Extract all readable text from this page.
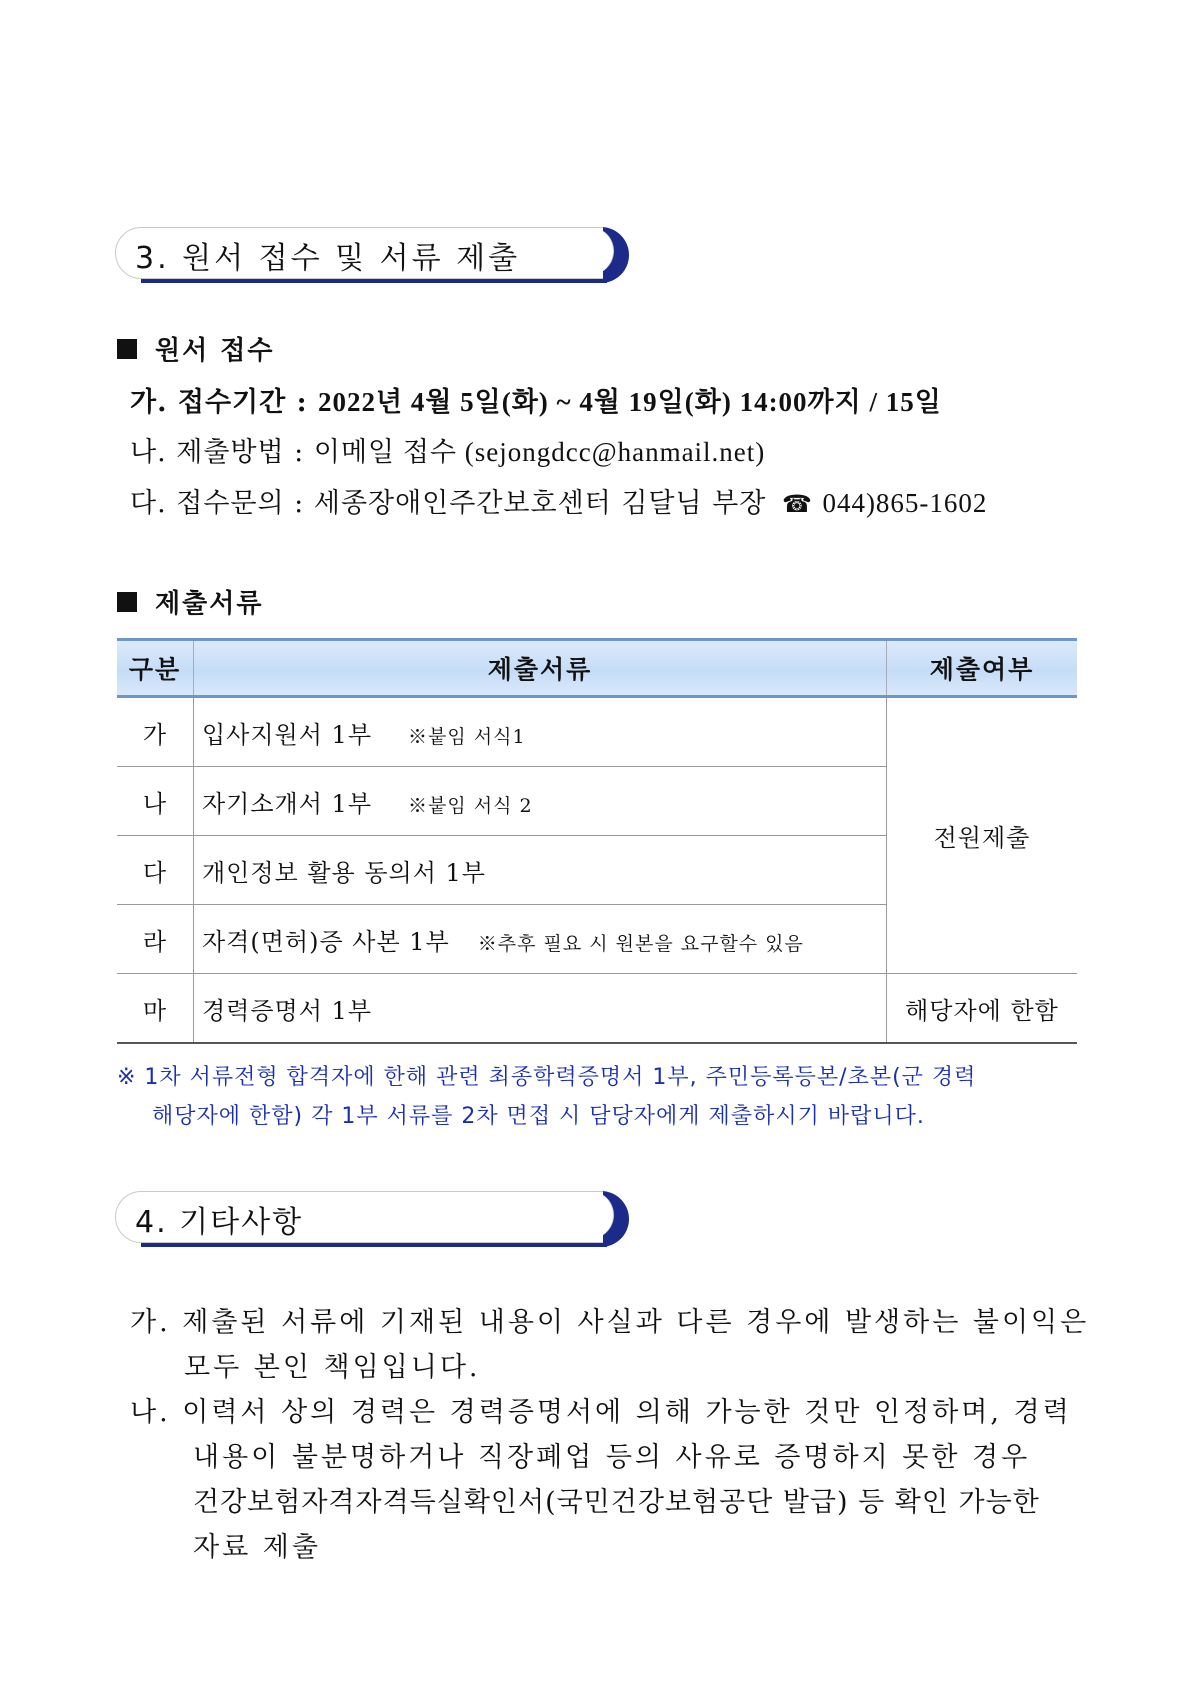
3. 원서 접수 및 서류 제출
원서 접수
가. 접수기간 : 2022년 4월 5일(화) ~ 4월 19일(화) 14:00까지 / 15일
나. 제출방법 : 이메일 접수 (sejongdcc@hanmail.net)
다. 접수문의 : 세종장애인주간보호센터 김달님 부장 ☎ 044)865-1602
제출서류
구분	제출서류	제출여부
가	입사지원서 1부 ※붙임 서식1	전원제출
나	자기소개서 1부 ※붙임 서식 2	
다	개인정보 활용 동의서 1부	
라	자격(면허)증 사본 1부 ※추후 필요 시 원본을 요구할수 있음	
마	경력증명서 1부	해당자에 한함
※ 1차 서류전형 합격자에 한해 관련 최종학력증명서 1부, 주민등록등본/초본(군 경력
해당자에 한함) 각 1부 서류를 2차 면접 시 담당자에게 제출하시기 바랍니다.
4. 기타사항
가. 제출된 서류에 기재된 내용이 사실과 다른 경우에 발생하는 불이익은
모두 본인 책임입니다.
나. 이력서 상의 경력은 경력증명서에 의해 가능한 것만 인정하며, 경력
내용이 불분명하거나 직장폐업 등의 사유로 증명하지 못한 경우
건강보험자격자격득실확인서(국민건강보험공단 발급) 등 확인 가능한
자료 제출
